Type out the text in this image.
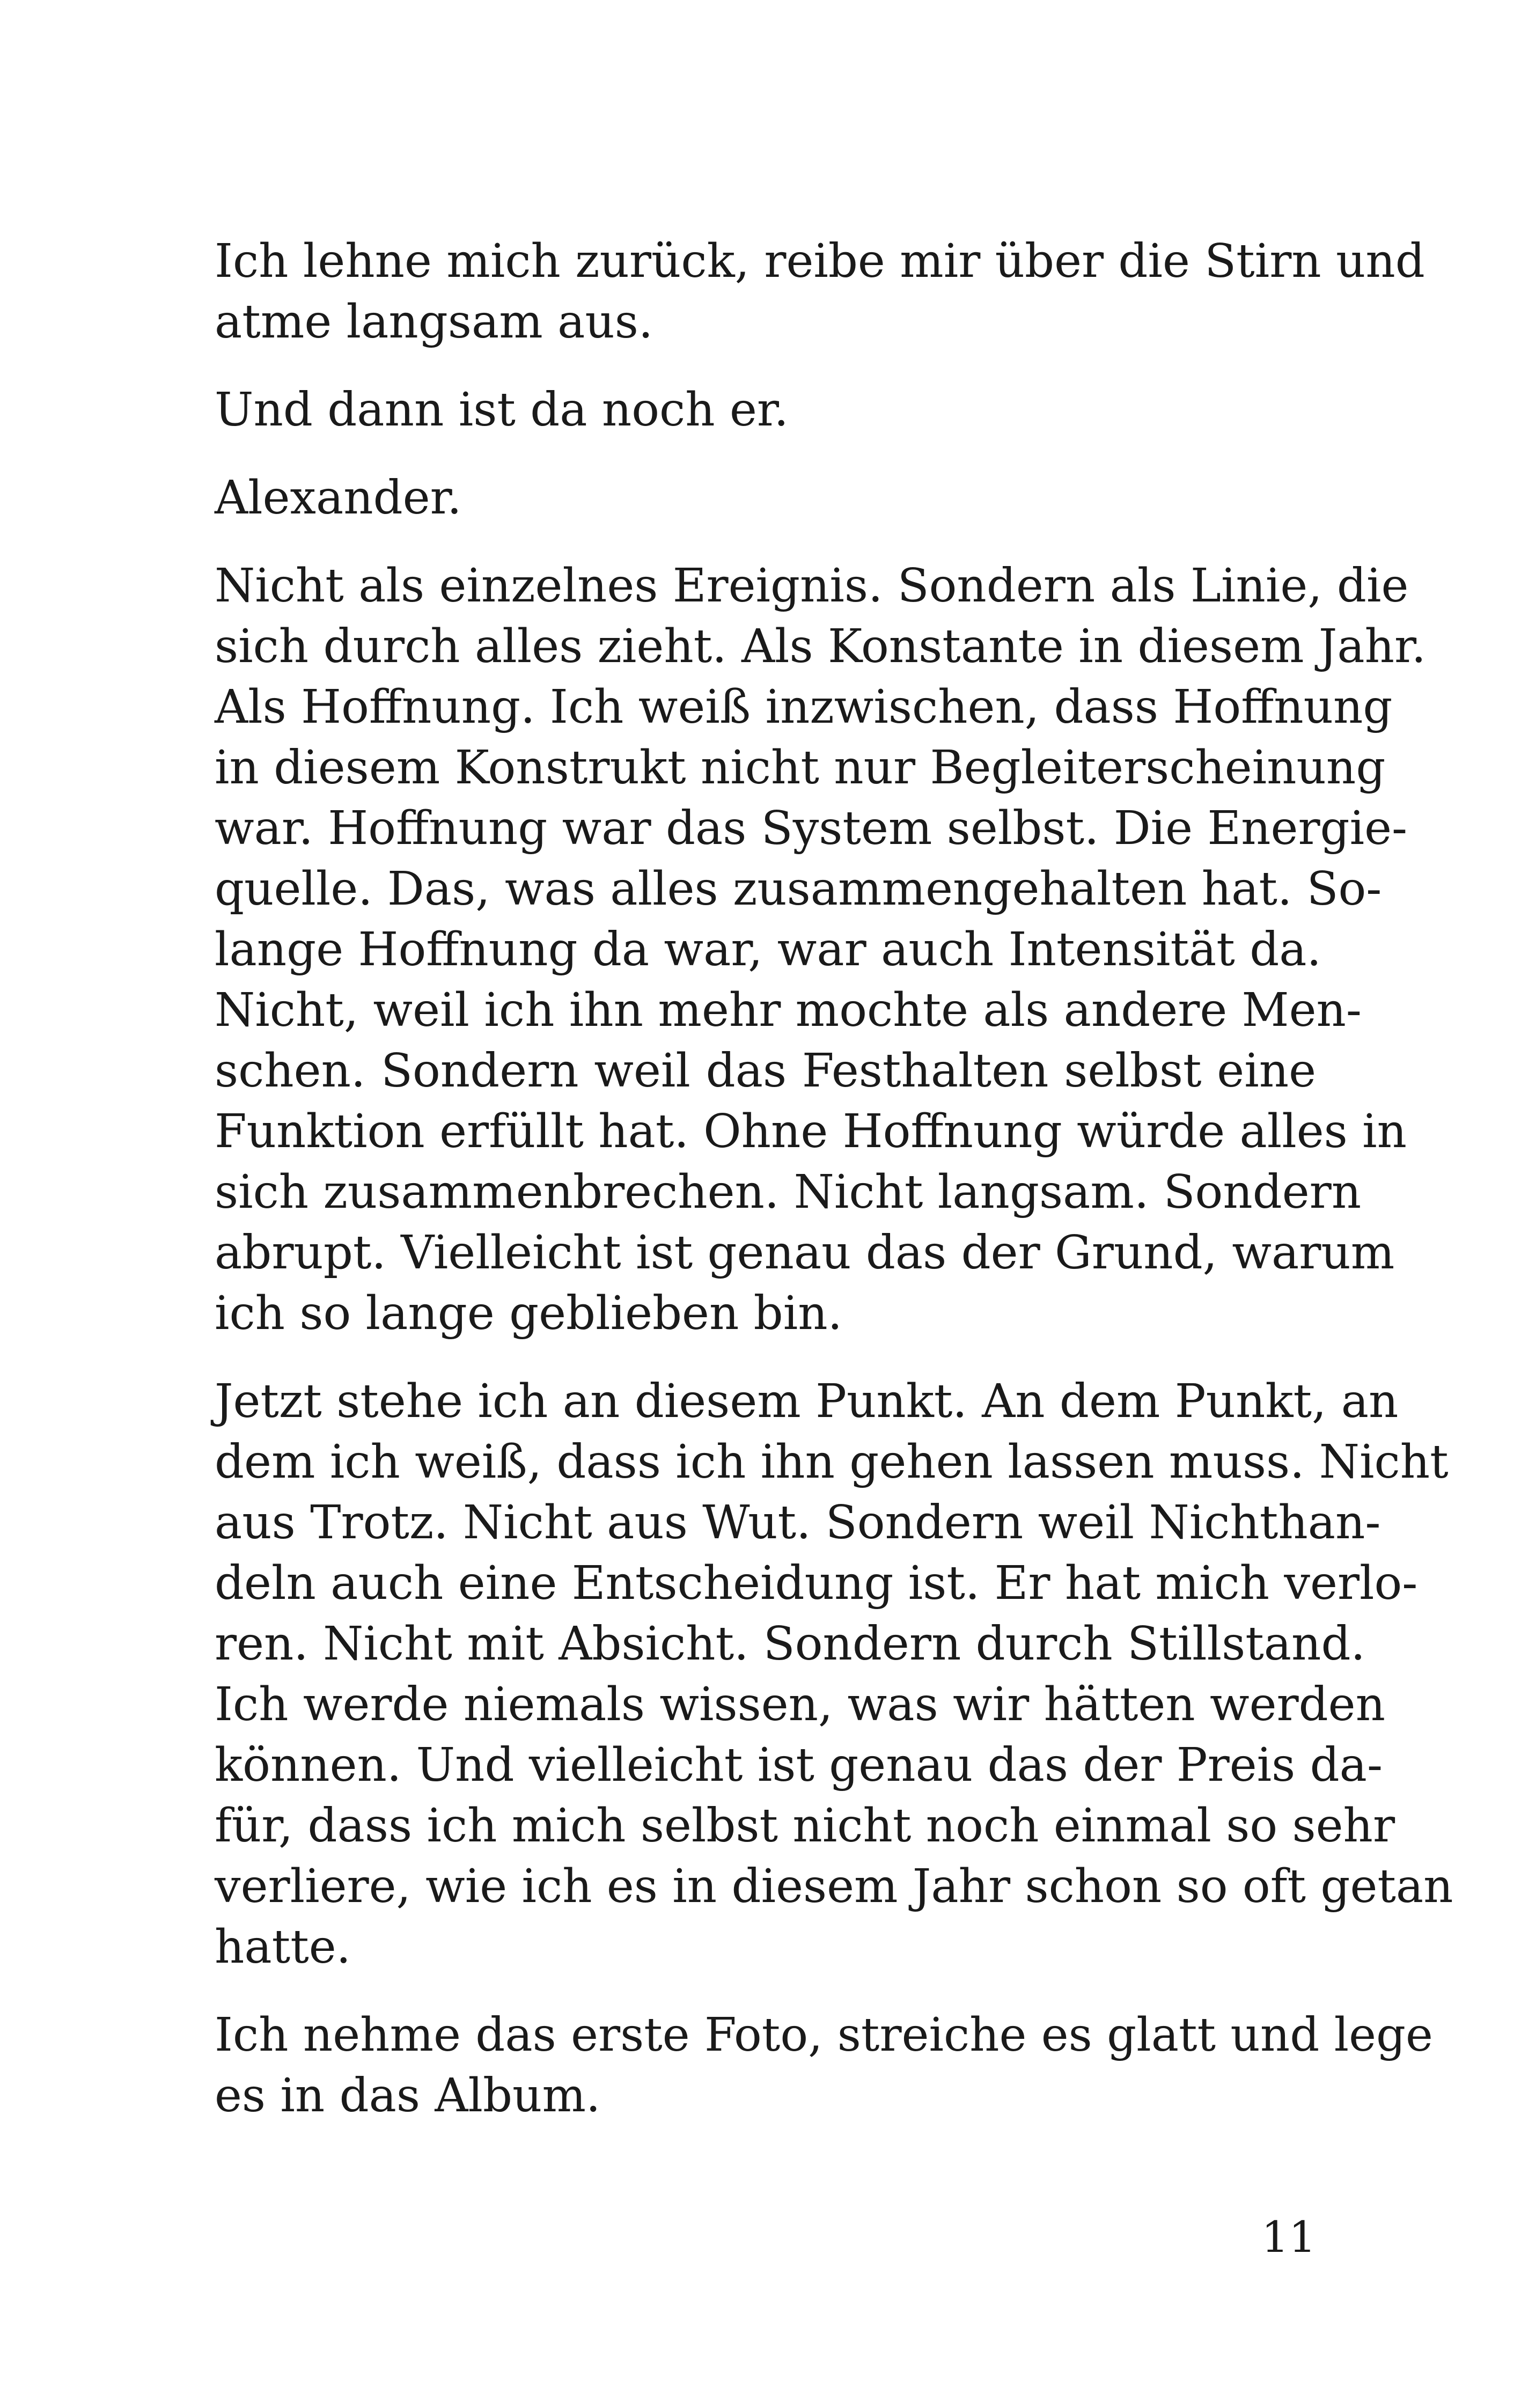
Ich lehne mich zurück, reibe mir über die Stirn und
atme langsam aus.

Und dann ist da noch er.

Alexander.

Nicht als einzelnes Ereignis. Sondern als Linie, die
sich durch alles zieht. Als Konstante in diesem Jahr.
Als Hoffnung. Ich weiß inzwischen, dass Hoffnung
in diesem Konstrukt nicht nur Begleiterscheinung
war. Hoffnung war das System selbst. Die Energie-
quelle. Das, was alles zusammengehalten hat. So-
lange Hoffnung da war, war auch Intensität da.
Nicht, weil ich ihn mehr mochte als andere Men-
schen. Sondern weil das Festhalten selbst eine
Funktion erfüllt hat. Ohne Hoffnung würde alles in
sich zusammenbrechen. Nicht langsam. Sondern
abrupt. Vielleicht ist genau das der Grund, warum
ich so lange geblieben bin.

Jetzt stehe ich an diesem Punkt. An dem Punkt, an
dem ich weiß, dass ich ihn gehen lassen muss. Nicht
aus Trotz. Nicht aus Wut. Sondern weil Nichthan-
deln auch eine Entscheidung ist. Er hat mich verlo-
ren. Nicht mit Absicht. Sondern durch Stillstand.
Ich werde niemals wissen, was wir hätten werden
können. Und vielleicht ist genau das der Preis da-
für, dass ich mich selbst nicht noch einmal so sehr
verliere, wie ich es in diesem Jahr schon so oft getan
hatte.

Ich nehme das erste Foto, streiche es glatt und lege
es in das Album.

11
